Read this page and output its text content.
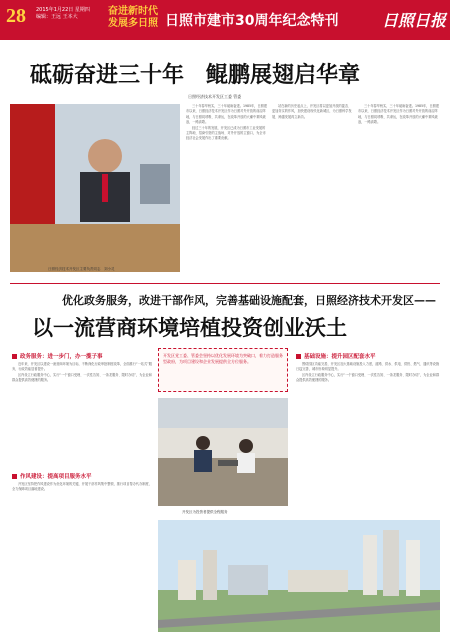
28 2015年1月22日 星期四 编辑：王远 王本大	奋进新时代 发展多日照 日照市建市30周年纪念特刊	日照日报
砥砺奋进三十年　鲲鹏展翅启华章
日照经济技术开发区工委 管委
日照经济技术开发区主要负责同志　刘小灵

三十年春华秋实，三十年砥砺奋进。1985年，日照建市以来，日照经济技术开发区作为日照对外开放的前沿阵地，与日照同呼吸、共命运，在改革开放的大潮中乘风破浪，一路高歌。

经过三十年的发展，开发区已成为日照市工业发展的主阵地、招商引资的主战场、对外开放的主窗口，为全市经济社会发展作出了重要贡献。

站在新的历史起点上，开发区将以更加开放的姿态、更加务实的作风，加快建设现代化新城区，为日照科学发展、跨越发展再立新功。

三十年春华秋实，三十年砥砺奋进。1985年，日照建市以来，日照经济技术开发区作为日照对外开放的前沿阵地，与日照同呼吸、共命运，在改革开放的大潮中乘风破浪，一路高歌。

优化政务服务，改进干部作风，完善基础设施配套，日照经济技术开发区——
以一流营商环境培植投资创业沃土
政务服务：进一步门，办一揽子事

近年来，开发区以建设一流营商环境为目标，不断深化行政审批制度改革，全面推行“一站式”服务，行政效能显著提升。

区内设立行政服务中心，实行“一个窗口受理、一次性告知、一条龙服务、限时办结”，为企业和群众提供高效便捷的服务。

作风建设：提高项目服务水平

开发区坚持把作风建设作为优化环境的关键，开展干部作风集中整顿，推行项目帮办代办制度，全力保障项目落地建设。

开发区党工委、管委会坚持以优化发展环境为突破口，着力打造服务型政府，为项目建设和企业发展提供全方位服务。
开发区为投资者提供全程服务
基础设施：提升园区配套水平

围绕园区功能完善，开发区加大基础设施投入力度，道路、供水、供电、供热、燃气、通讯等设施日趋完善，城市形象明显提升。

区内设立行政服务中心，实行“一个窗口受理、一次性告知、一条龙服务、限时办结”，为企业和群众提供高效便捷的服务。
